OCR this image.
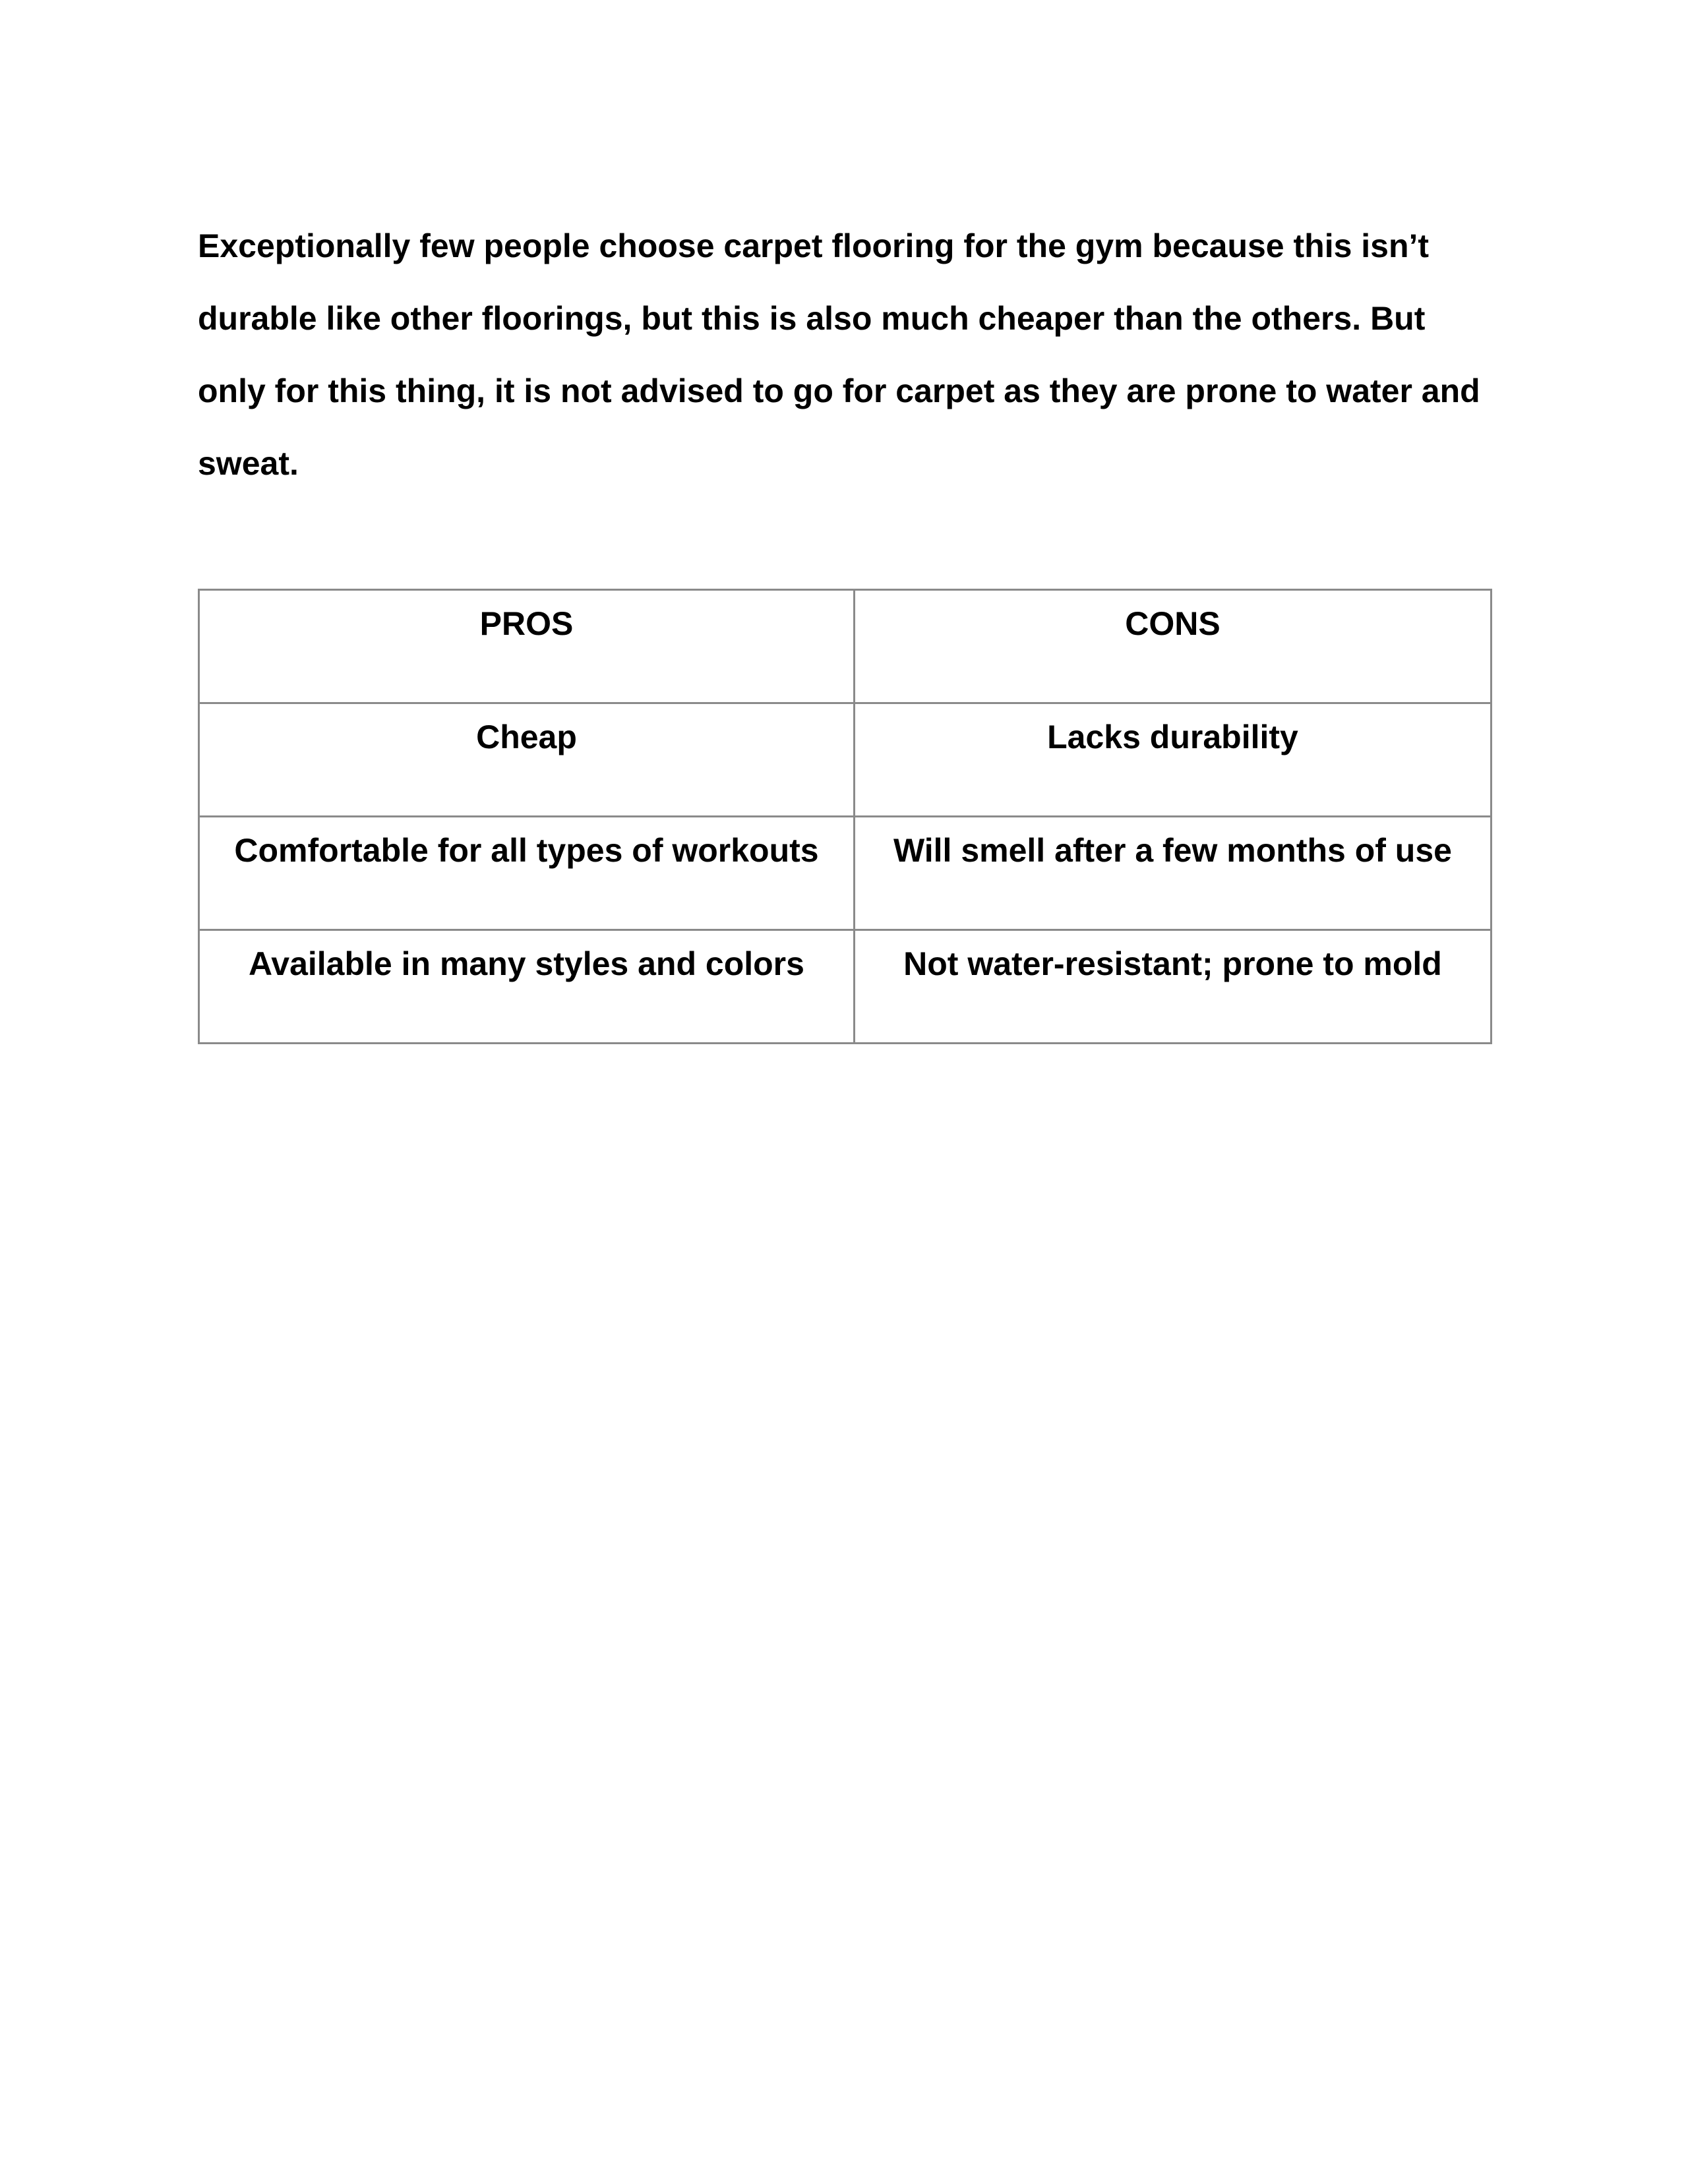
Exceptionally few people choose carpet flooring for the gym because this isn’t durable like other floorings, but this is also much cheaper than the others. But only for this thing, it is not advised to go for carpet as they are prone to water and sweat.

PROS	CONS
Cheap	Lacks durability
Comfortable for all types of workouts	Will smell after a few months of use
Available in many styles and colors	Not water-resistant; prone to mold
